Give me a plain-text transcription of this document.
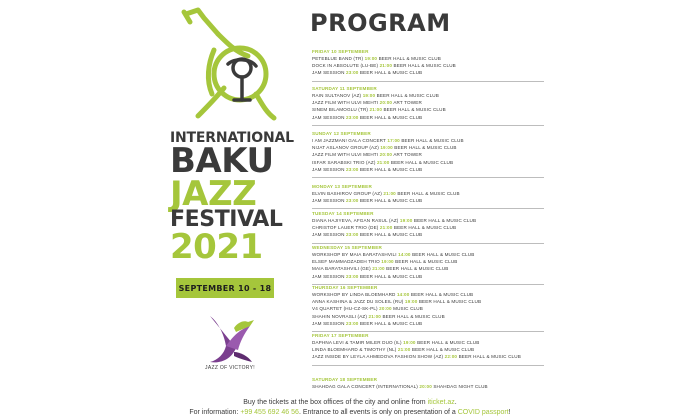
INTERNATIONAL
BAKU
JAZZ
FESTIVAL
2021
SEPTEMBER 10 - 18
JAZZ OF VICTORY!
PROGRAM
FRIDAY 10 SEPTEMBER
PETEBLUE BAND (TR) 19:00 BEER HALL & MUSIC CLUB
DOCK IN ABSOLUTE (LU-BE) 21:00 BEER HALL & MUSIC CLUB
JAM SESSION 23:00 BEER HALL & MUSIC CLUB
SATURDAY 11 SEPTEMBER
RAIN SULTANOV (AZ) 19:00 BEER HALL & MUSIC CLUB
JAZZ FILM WITH ULVI MEHTI 20:00 ART TOWER
SINEM BILAMOGLU (TR) 21:00 BEER HALL & MUSIC CLUB
JAM SESSION 23:00 BEER HALL & MUSIC CLUB
SUNDAY 12 SEPTEMBER
I AM JAZZMAN! GALA CONCERT 17:00 BEER HALL & MUSIC CLUB
NIJAT ASLANOV GROUP (AZ) 19:00 BEER HALL & MUSIC CLUB
JAZZ FILM WITH ULVI MEHTI 20:00 ART TOWER
ISFAR SARABSKI TRIO (AZ) 21:00 BEER HALL & MUSIC CLUB
JAM SESSION 23:00 BEER HALL & MUSIC CLUB
MONDAY 13 SEPTEMBER
ELVIN BASHIROV GROUP (AZ) 21:00 BEER HALL & MUSIC CLUB
JAM SESSION 23:00 BEER HALL & MUSIC CLUB
TUESDAY 14 SEPTEMBER
DIANA HAJIYEVA, AFGAN RASUL (AZ) 19:00 BEER HALL & MUSIC CLUB
CHRISTOF LAUER TRIO (DE) 21:00 BEER HALL & MUSIC CLUB
JAM SESSION 23:00 BEER HALL & MUSIC CLUB
WEDNESDAY 15 SEPTEMBER
WORKSHOP BY MAIA BARATASHVILI 14:00 BEER HALL & MUSIC CLUB
ELSEF MAMMADZADEH TRIO 19:00 BEER HALL & MUSIC CLUB
MAIA BARATASHVILI (GE) 21:00 BEER HALL & MUSIC CLUB
JAM SESSION 23:00 BEER HALL & MUSIC CLUB
THURSDAY 16 SEPTEMBER
WORKSHOP BY LINDA BLOEMHARD 14:00 BEER HALL & MUSIC CLUB
ANNA KASHINA & JAZZ DU SOLEIL (RU) 19:00 BEER HALL & MUSIC CLUB
V4 QUARTET (HU-CZ-SK-PL) 20:00 MUSIC CLUB
SHAHIN NOVRASLI (AZ) 21:00 BEER HALL & MUSIC CLUB
JAM SESSION 23:00 BEER HALL & MUSIC CLUB
FRIDAY 17 SEPTEMBER
DAPHNA LEVI & TAMIR MILER DUO (IL) 19:00 BEER HALL & MUSIC CLUB
LINDA BLOEMHARD & TIMOTHY (NL) 21:00 BEER HALL & MUSIC CLUB
JAZZ INSIDE BY LEYLA AHMEDOVA FASHION SHOW (AZ) 22:00 BEER HALL & MUSIC CLUB
SATURDAY 18 SEPTEMBER
SHAHDAG GALA CONCERT (INTERNATIONAL) 20:00 SHAHDAG NIGHT CLUB
Buy the tickets at the box offices of the city and online from iticket.az.
For information: +99 455 692 46 56. Entrance to all events is only on presentation of a COVID passport!
